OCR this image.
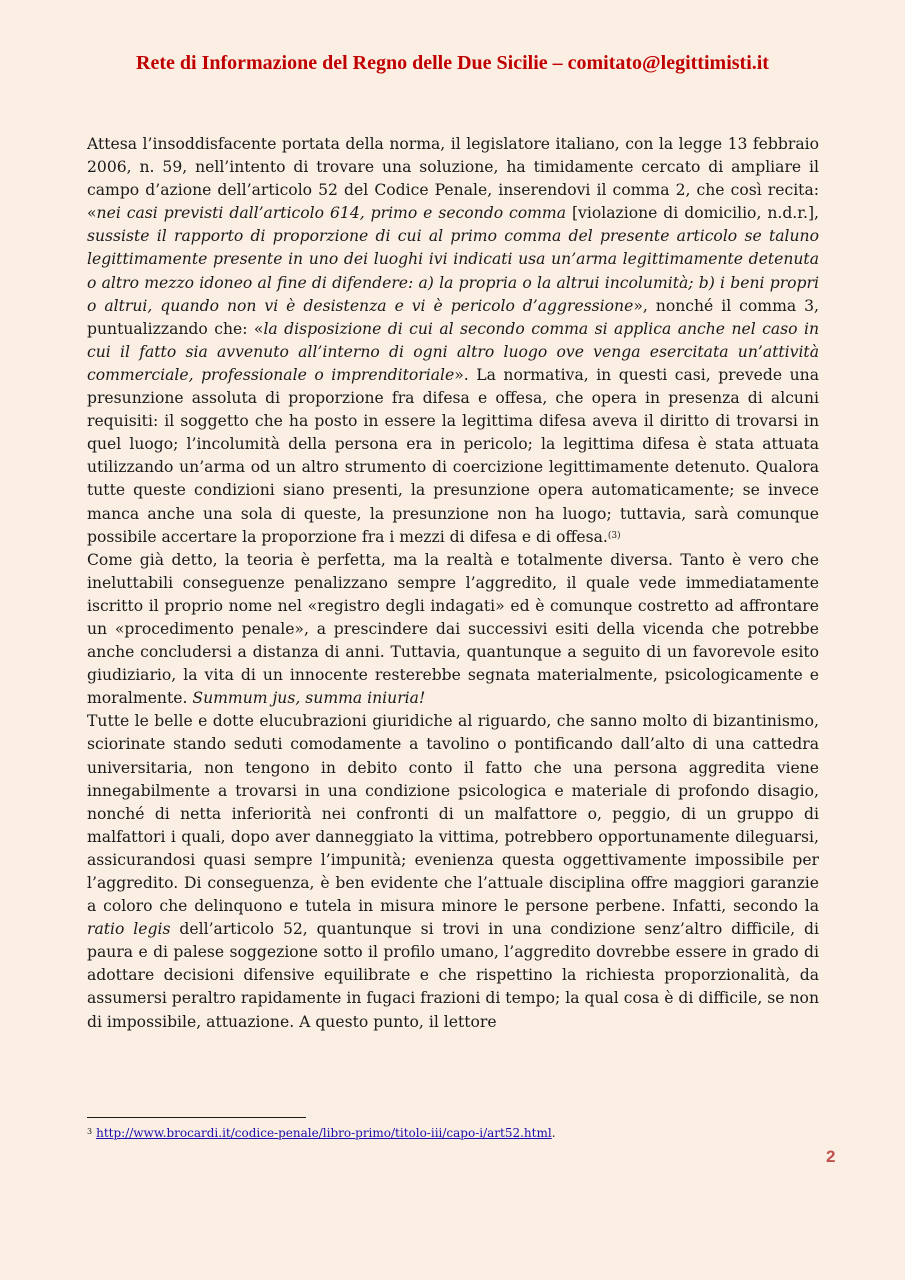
Rete di Informazione del Regno delle Due Sicilie – comitato@legittimisti.it

Attesa l’insoddisfacente portata della norma, il legislatore italiano, con la legge 13 febbraio 2006, n. 59, nell’intento di trovare una soluzione, ha timidamente cercato di ampliare il campo d’azione dell’articolo 52 del Codice Penale, inserendovi il comma 2, che così recita: «nei casi previsti dall’articolo 614, primo e secondo comma [violazione di domicilio, n.d.r.], sussiste il rapporto di proporzione di cui al primo comma del presente articolo se taluno legittimamente presente in uno dei luoghi ivi indicati usa un’arma legittimamente detenuta o altro mezzo idoneo al fine di difendere: a) la propria o la altrui incolumità; b) i beni propri o altrui, quando non vi è desistenza e vi è pericolo d’aggressione», nonché il comma 3, puntualizzando che: «la disposizione di cui al secondo comma si applica anche nel caso in cui il fatto sia avvenuto all’interno di ogni altro luogo ove venga esercitata un’attività commerciale, professionale o imprenditoriale». La normativa, in questi casi, prevede una presunzione assoluta di proporzione fra difesa e offesa, che opera in presenza di alcuni requisiti: il soggetto che ha posto in essere la legittima difesa aveva il diritto di trovarsi in quel luogo; l’incolumità della persona era in pericolo; la legittima difesa è stata attuata utilizzando un’arma od un altro strumento di coercizione legittimamente detenuto. Qualora tutte queste condizioni siano presenti, la presunzione opera automaticamente; se invece manca anche una sola di queste, la presunzione non ha luogo; tuttavia, sarà comunque possibile accertare la proporzione fra i mezzi di difesa e di offesa.$^{(3)}$

Come già detto, la teoria è perfetta, ma la realtà e totalmente diversa. Tanto è vero che ineluttabili conseguenze penalizzano sempre l’aggredito, il quale vede immediatamente iscritto il proprio nome nel «registro degli indagati» ed è comunque costretto ad affrontare un «procedimento penale», a prescindere dai successivi esiti della vicenda che potrebbe anche concludersi a distanza di anni. Tuttavia, quantunque a seguito di un favorevole esito giudiziario, la vita di un innocente resterebbe segnata materialmente, psicologicamente e moralmente. Summum jus, summa iniuria!

Tutte le belle e dotte elucubrazioni giuridiche al riguardo, che sanno molto di bizantinismo, sciorinate stando seduti comodamente a tavolino o pontificando dall’alto di una cattedra universitaria, non tengono in debito conto il fatto che una persona aggredita viene innegabilmente a trovarsi in una condizione psicologica e materiale di profondo disagio, nonché di netta inferiorità nei confronti di un malfattore o, peggio, di un gruppo di malfattori i quali, dopo aver danneggiato la vittima, potrebbero opportunamente dileguarsi, assicurandosi quasi sempre l’impunità; evenienza questa oggettivamente impossibile per l’aggredito. Di conseguenza, è ben evidente che l’attuale disciplina offre maggiori garanzie a coloro che delinquono e tutela in misura minore le persone perbene. Infatti, secondo la ratio legis dell’articolo 52, quantunque si trovi in una condizione senz’altro difficile, di paura e di palese soggezione sotto il profilo umano, l’aggredito dovrebbe essere in grado di adottare decisioni difensive equilibrate e che rispettino la richiesta proporzionalità, da assumersi peraltro rapidamente in fugaci frazioni di tempo; la qual cosa è di difficile, se non di impossibile, attuazione. A questo punto, il lettore

$^3$ http://www.brocardi.it/codice-penale/libro-primo/titolo-iii/capo-i/art52.html.
2
